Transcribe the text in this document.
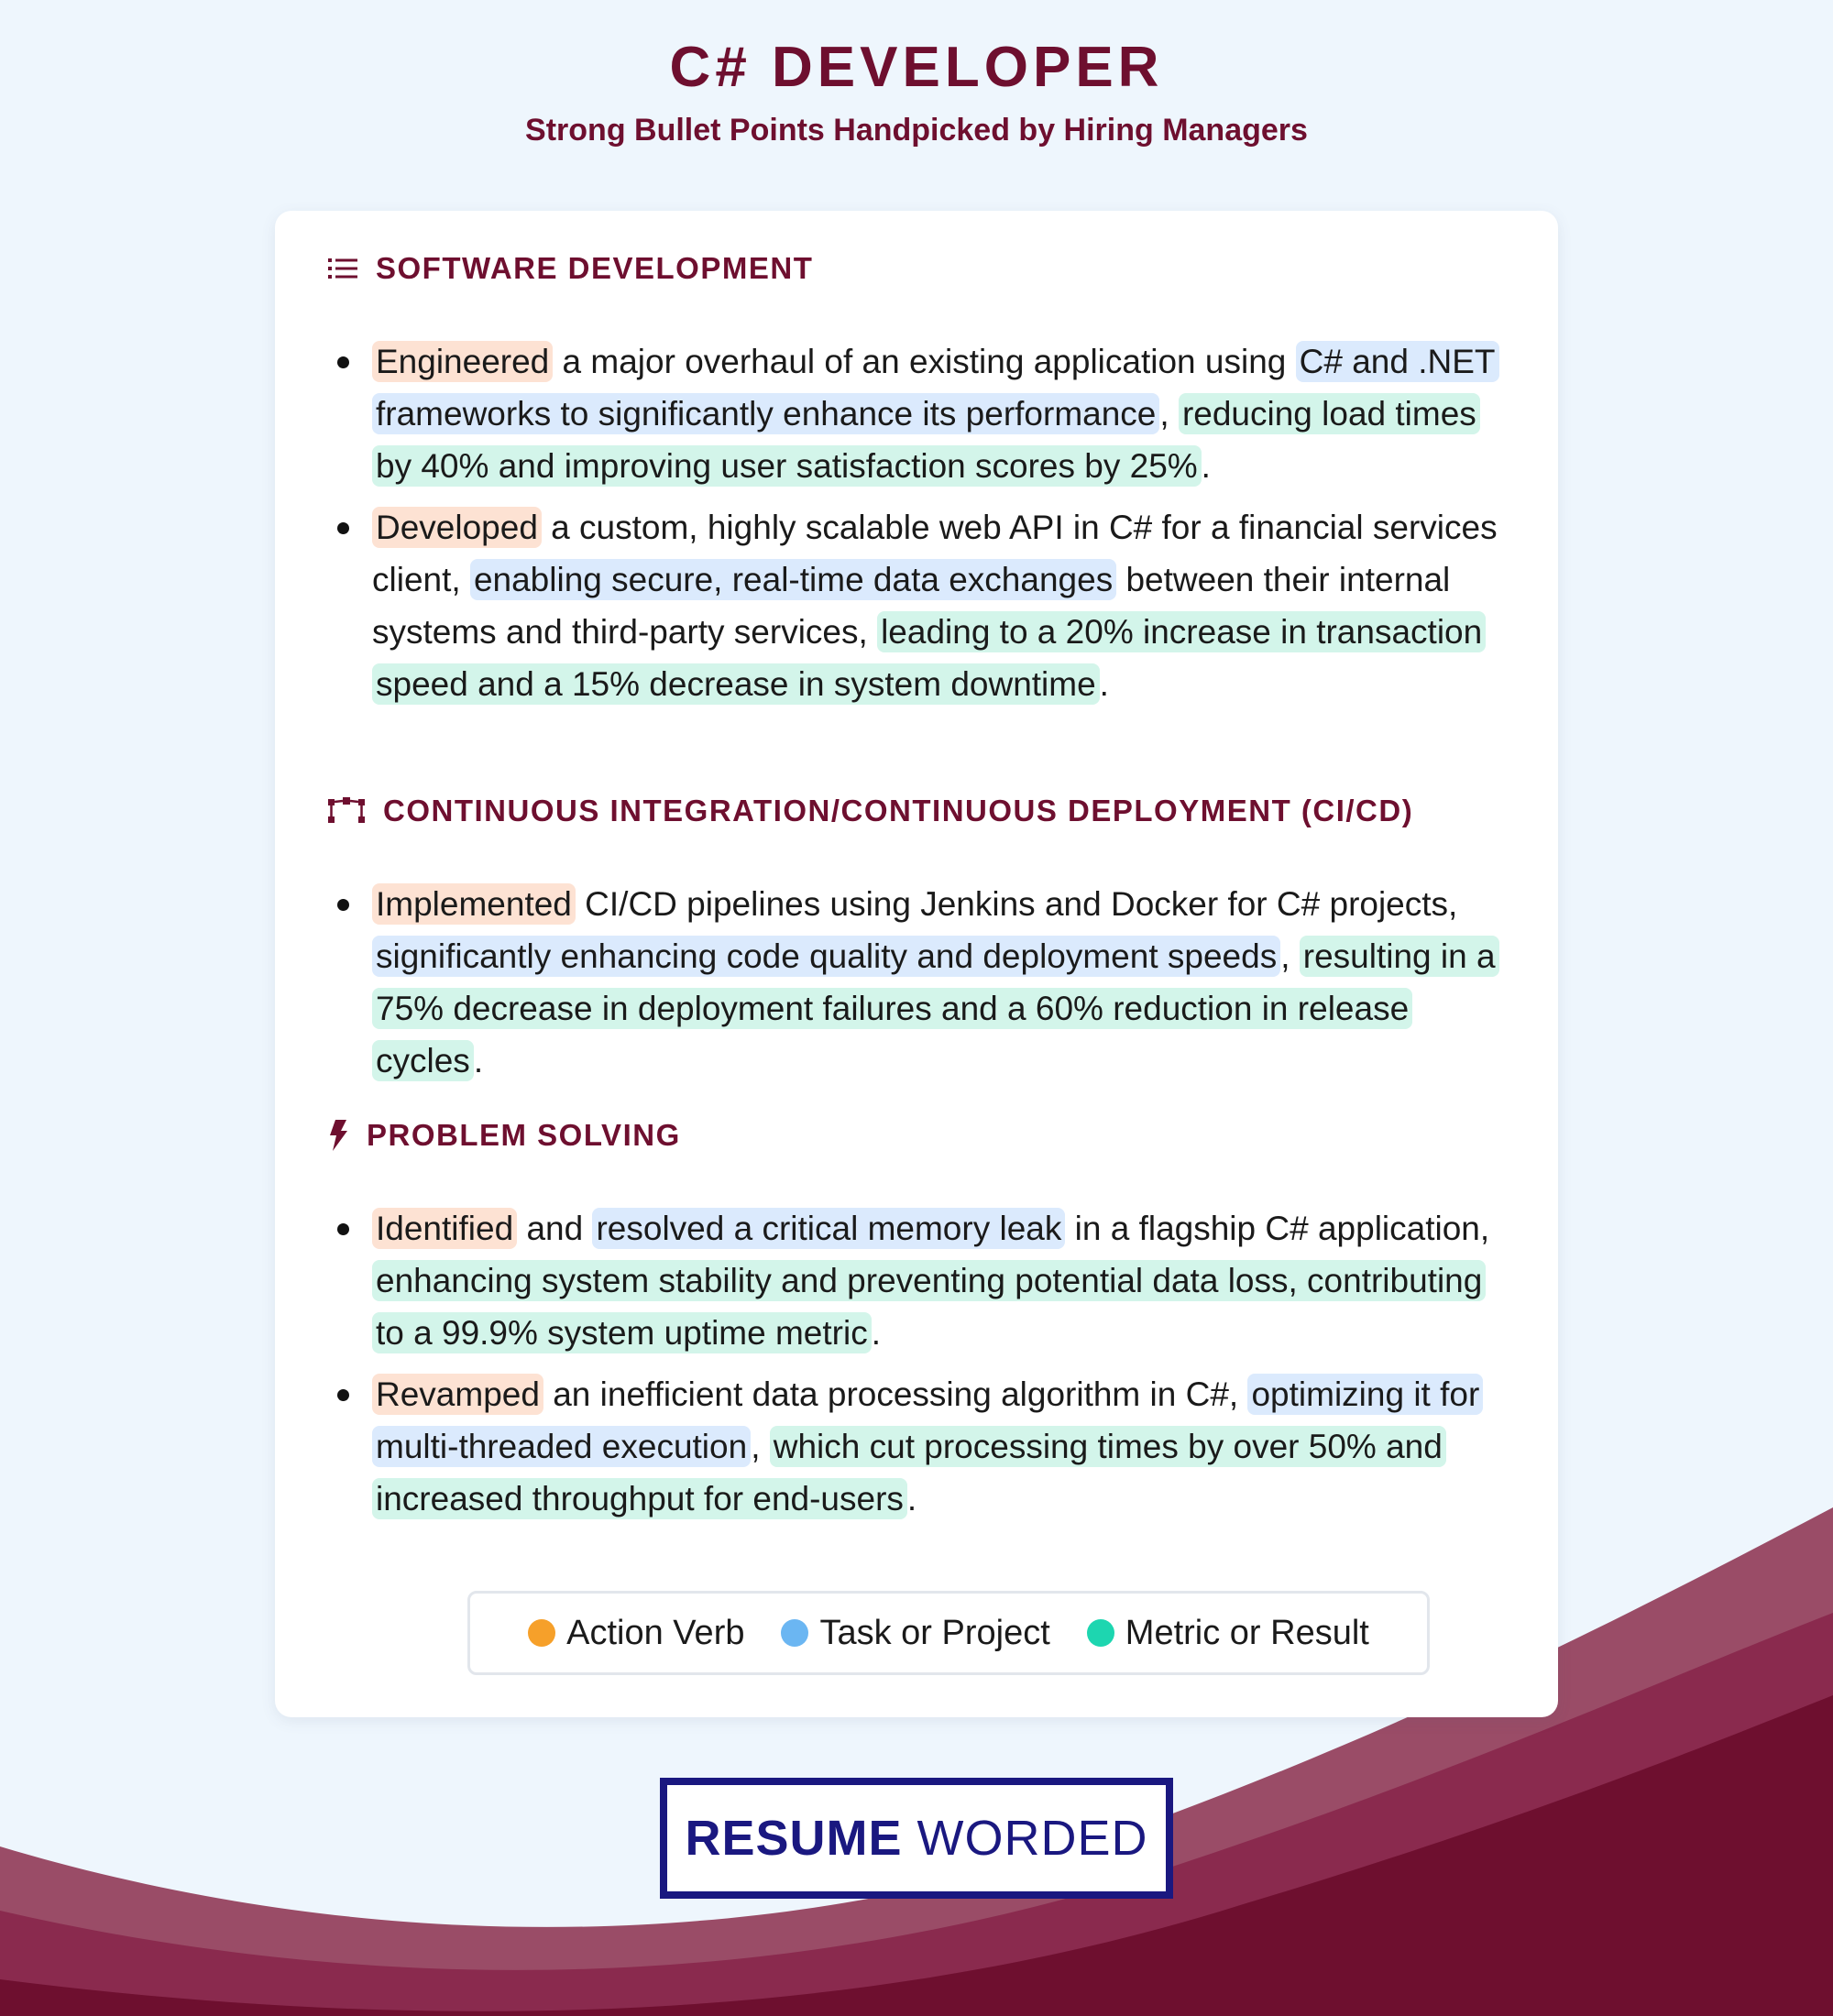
C# DEVELOPER
Strong Bullet Points Handpicked by Hiring Managers
SOFTWARE DEVELOPMENT
Engineered a major overhaul of an existing application using C# and .NET frameworks to significantly enhance its performance , reducing load times by 40% and improving user satisfaction scores by 25% .
Developed a custom, highly scalable web API in C# for a financial services client, enabling secure, real-time data exchanges between their internal systems and third-party services, leading to a 20% increase in transaction speed and a 15% decrease in system downtime .
CONTINUOUS INTEGRATION/CONTINUOUS DEPLOYMENT (CI/CD)
Implemented CI/CD pipelines using Jenkins and Docker for C# projects, significantly enhancing code quality and deployment speeds , resulting in a 75% decrease in deployment failures and a 60% reduction in release cycles .
PROBLEM SOLVING
Identified and resolved a critical memory leak in a flagship C# application, enhancing system stability and preventing potential data loss, contributing to a 99.9% system uptime metric .
Revamped an inefficient data processing algorithm in C#, optimizing it for multi-threaded execution , which cut processing times by over 50% and increased throughput for end-users .
Action Verb Task or Project Metric or Result
RESUME WORDED
